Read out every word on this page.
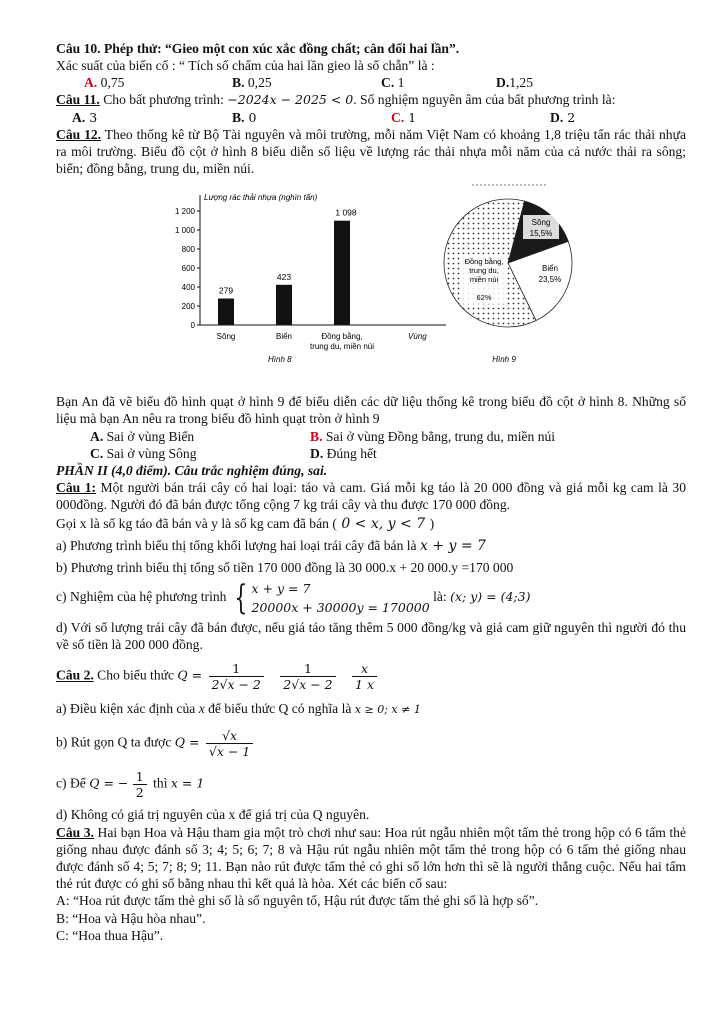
Câu 10. Phép thử: “Gieo một con xúc xắc đồng chất; cân đối hai lần”.
Xác suất của biến cố : “ Tích số chấm của hai lần gieo là số chẵn” là :
A. 0,75	B. 0,25	C. 1	D.1,25
Câu 11. Cho bất phương trình: −2024x − 2025 < 0. Số nghiệm nguyên âm của bất phương trình là:
A. 3	B. 0	C. 1	D. 2
Câu 12. Theo thống kê từ Bộ Tài nguyên và môi trường, mỗi năm Việt Nam có khoảng 1,8 triệu tấn rác thải nhựa ra môi trường. Biểu đồ cột ở hình 8 biểu diễn số liệu về lượng rác thải nhựa mỗi năm của cả nước thải ra sông; biển; đồng bằng, trung du, miền núi.
Lượng rác thải nhựa (nghìn tấn)
1 200
1 000
800
600
400
200
0
279
423
1 098
Sông	Biển	Đồng bằng,
trung du, miền núi
Vùng
Hình 8
Sông
15,5%
Biển
23,5%
Đồng bằng,
trung du,
miền núi
62%
Hình 9
Bạn An đã vẽ biểu đồ hình quạt ở hình 9 để biểu diễn các dữ liệu thống kê trong biểu đồ cột ở hình 8. Những số liệu mà bạn An nêu ra trong biểu đồ hình quạt tròn ở hình 9
A. Sai ở vùng Biển	B. Sai ở vùng Đồng bằng, trung du, miền núi
C. Sai ở vùng Sông	D. Đúng hết
PHẦN II (4,0 điểm). Câu trắc nghiệm đúng, sai.
Câu 1: Một người bán trái cây có hai loại: táo và cam. Giá mỗi kg táo là 20 000 đồng và giá mỗi kg cam là 30 000đồng. Người đó đã bán được tổng cộng 7 kg trái cây và thu được 170 000 đồng.
Gọi x là số kg táo đã bán và y là số kg cam đã bán ( 0 < x, y < 7 )
a) Phương trình biểu thị tổng khối lượng hai loại trái cây đã bán là x + y = 7
b) Phương trình biểu thị tổng số tiền 170 000 đồng là 30 000.x + 20 000.y =170 000
c) Nghiệm của hệ phương trình { x + y = 7
20000x + 30000y = 170000
là: (x; y) = (4;3)
d) Với số lượng trái cây đã bán được, nếu giá táo tăng thêm 5 000 đồng/kg và giá cam giữ nguyên thì người đó thu về số tiền là 200 000 đồng.
Câu 2. Cho biểu thức $Q = \frac{1}{2√x - 2}$
$\frac{1}{2√x - 2}$
$\frac{x}{1 x}$
a) Điều kiện xác định của x để biểu thức Q có nghĩa là x ≥ 0; x ≠ 1
b) Rút gọn Q ta được $Q = \frac{√x}{√x - 1}$
c) Để Q = − $\frac{1}{2}$ thì x = 1
d) Không có giá trị nguyên của x để giá trị của Q nguyên.
Câu 3. Hai bạn Hoa và Hậu tham gia một trò chơi như sau: Hoa rút ngẫu nhiên một tấm thẻ trong hộp có 6 tấm thẻ giống nhau được đánh số 3; 4; 5; 6; 7; 8 và Hậu rút ngẫu nhiên một tấm thẻ trong hộp có 6 tấm thẻ giống nhau được đánh số 4; 5; 7; 8; 9; 11. Bạn nào rút được tấm thẻ có ghi số lớn hơn thì sẽ là người thắng cuộc. Nếu hai tấm thẻ rút được có ghi số bằng nhau thì kết quả là hòa. Xét các biến cố sau:
A: “Hoa rút được tấm thẻ ghi số là số nguyên tố, Hậu rút được tấm thẻ ghi số là hợp số”.
B: “Hoa và Hậu hòa nhau”.
C: “Hoa thua Hậu”.
